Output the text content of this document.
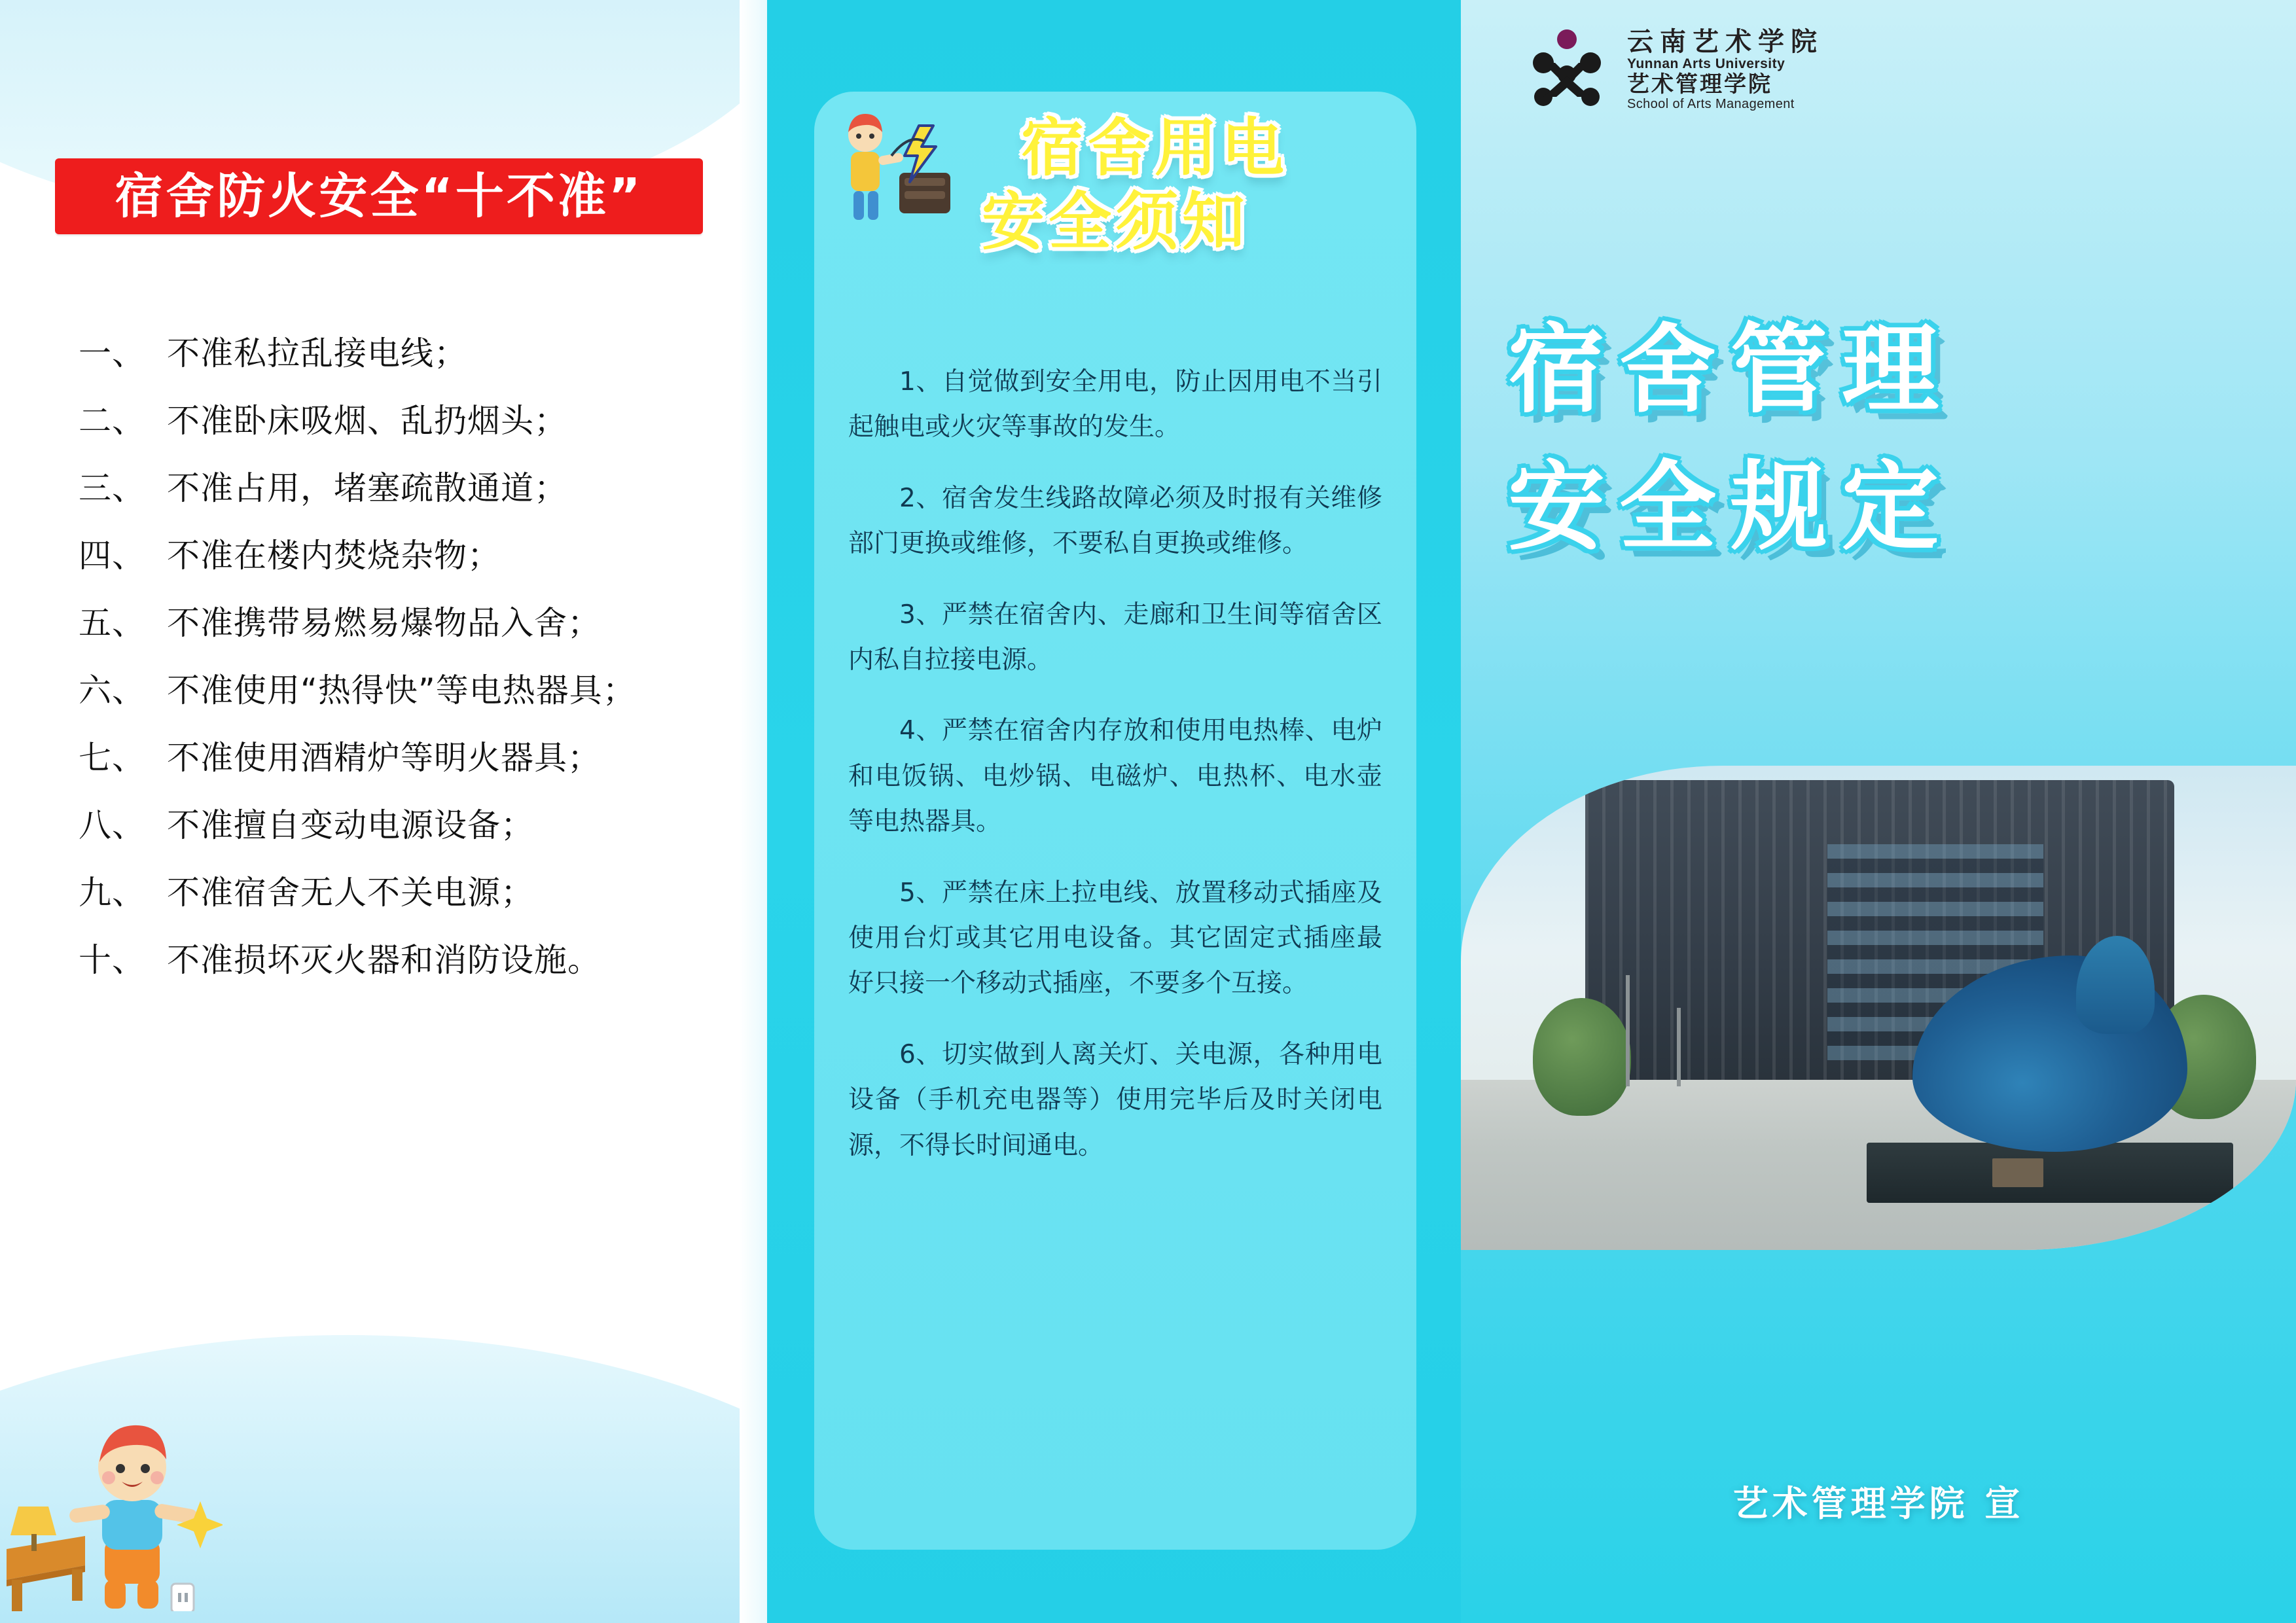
宿舍防火安全“十不准”
一、 不准私拉乱接电线；
二、 不准卧床吸烟、乱扔烟头；
三、 不准占用，堵塞疏散通道；
四、 不准在楼内焚烧杂物；
五、 不准携带易燃易爆物品入舍；
六、 不准使用“热得快”等电热器具；
七、 不准使用酒精炉等明火器具；
八、 不准擅自变动电源设备；
九、 不准宿舍无人不关电源；
十、 不准损坏灭火器和消防设施。
宿舍用电
安全须知

1、自觉做到安全用电，防止因用电不当引起触电或火灾等事故的发生。

2、宿舍发生线路故障必须及时报有关维修部门更换或维修，不要私自更换或维修。

3、严禁在宿舍内、走廊和卫生间等宿舍区内私自拉接电源。

4、严禁在宿舍内存放和使用电热棒、电炉和电饭锅、电炒锅、电磁炉、电热杯、电水壶等电热器具。

5、严禁在床上拉电线、放置移动式插座及使用台灯或其它用电设备。其它固定式插座最好只接一个移动式插座，不要多个互接。

6、切实做到人离关灯、关电源，各种用电设备（手机充电器等）使用完毕后及时关闭电源，不得长时间通电。

云南艺术学院
Yunnan Arts University
艺术管理学院
School of Arts Management
宿舍管理
安全规定
艺术管理学院 宣
